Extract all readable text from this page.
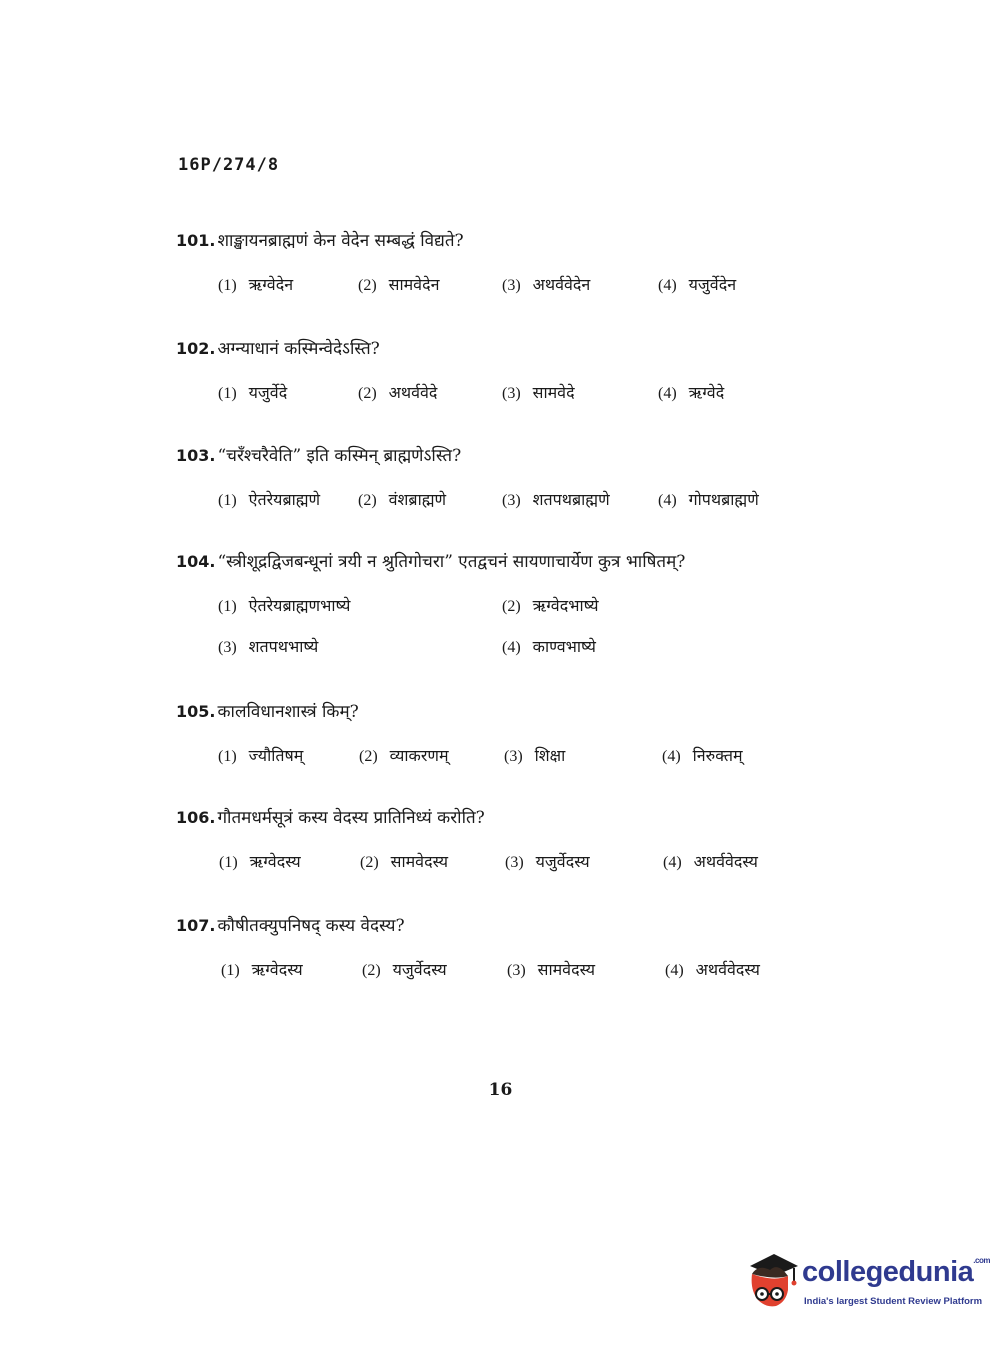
16P/274/8
101. शाङ्खायनब्राह्मणं केन वेदेन सम्बद्धं विद्यते?
(1) ऋग्वेदेन	(2) सामवेदेन	(3) अथर्ववेदेन	(4) यजुर्वेदेन
102. अग्न्याधानं कस्मिन्वेदेऽस्ति?
(1) यजुर्वेदे	(2) अथर्ववेदे	(3) सामवेदे	(4) ऋग्वेदे
103. “चरँश्चरैवेति” इति कस्मिन् ब्राह्मणेऽस्ति?
(1) ऐतरेयब्राह्मणे (2) वंशब्राह्मणे	(3) शतपथब्राह्मणे	(4) गोपथब्राह्मणे
104. “स्त्रीशूद्रद्विजबन्धूनां त्रयी न श्रुतिगोचरा” एतद्वचनं सायणाचार्येण कुत्र भाषितम्?
(1) ऐतरेयब्राह्मणभाष्ये	(2) ऋग्वेदभाष्ये
(3) शतपथभाष्ये	(4) काण्वभाष्ये
105. कालविधानशास्त्रं किम्?
(1) ज्यौतिषम्	(2) व्याकरणम्	(3) शिक्षा	(4) निरुक्तम्
106. गौतमधर्मसूत्रं कस्य वेदस्य प्रातिनिध्यं करोति?
(1) ऋग्वेदस्य	(2) सामवेदस्य	(3) यजुर्वेदस्य	(4) अथर्ववेदस्य
107. कौषीतक्युपनिषद् कस्य वेदस्य?
(1) ऋग्वेदस्य	(2) यजुर्वेदस्य	(3) सामवेदस्य	(4) अथर्ववेदस्य
16
collegedunia$^{.com}$
India's largest Student Review Platform
